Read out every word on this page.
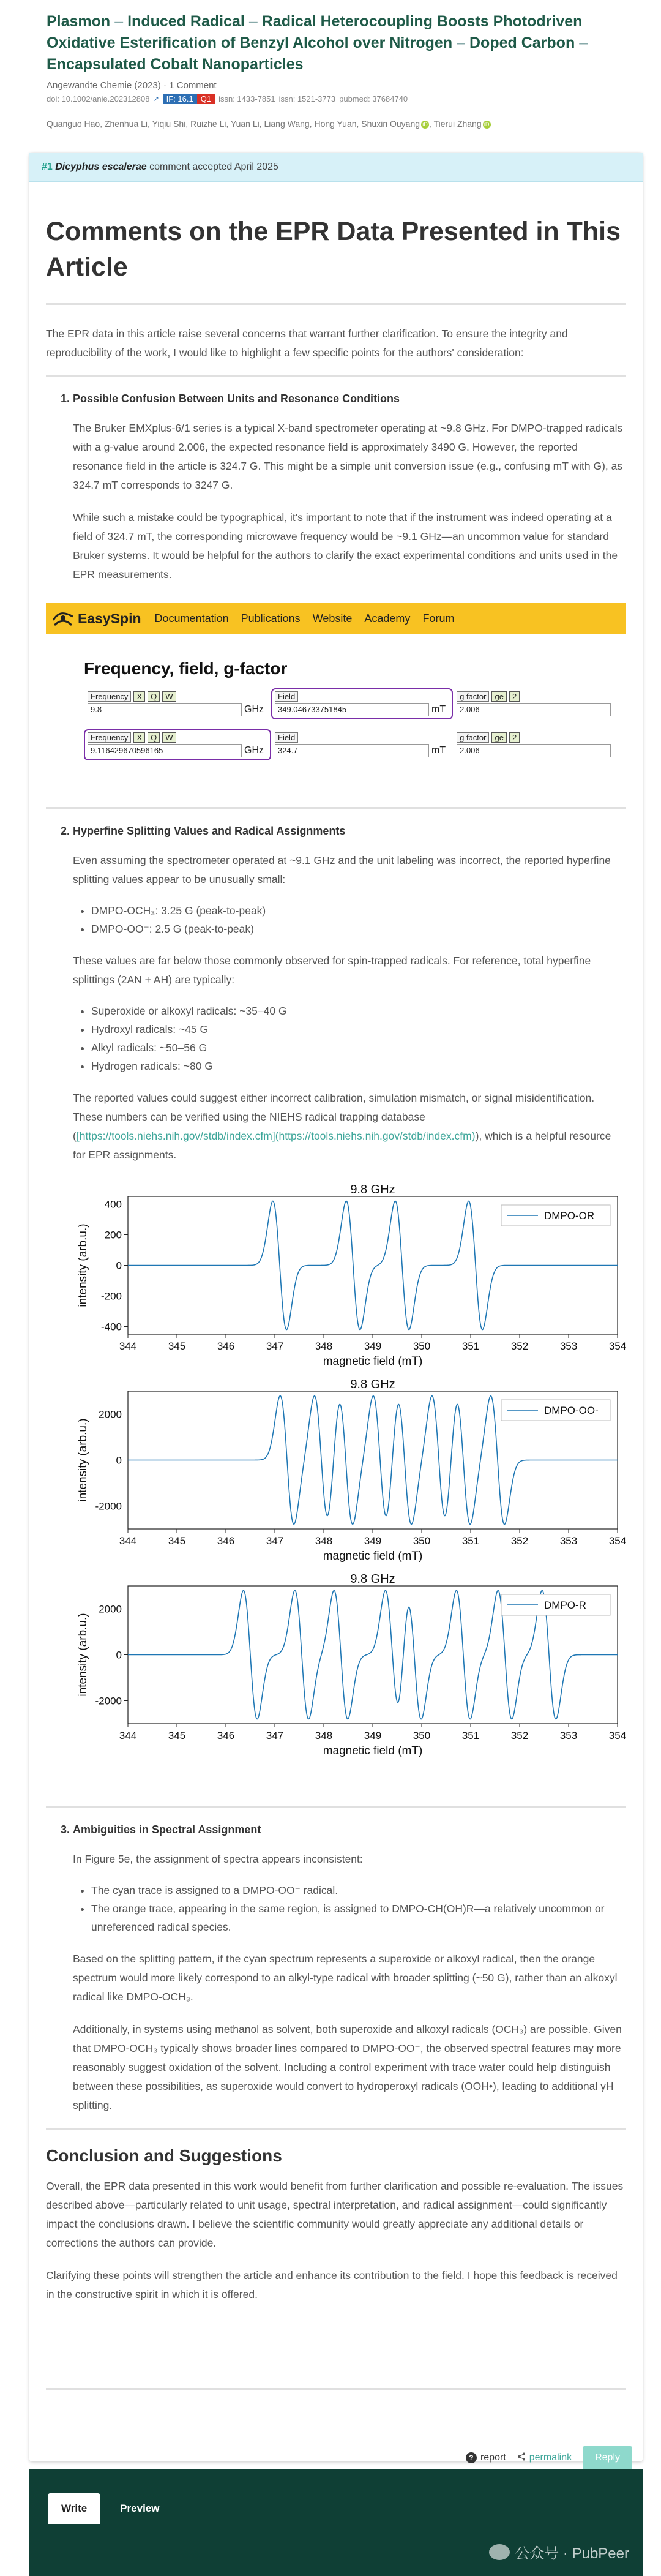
Plasmon – Induced Radical – Radical Heterocoupling Boosts Photodriven Oxidative Esterification of Benzyl Alcohol over Nitrogen – Doped Carbon –Encapsulated Cobalt Nanoparticles
Angewandte Chemie (2023) · 1 Comment
doi: 10.1002/anie.202312808 ↗ IF: 16.1 Q1 issn: 1433-7851 issn: 1521-3773 pubmed: 37684740
Quanguo Hao, Zhenhua Li, Yiqiu Shi, Ruizhe Li, Yuan Li, Liang Wang, Hong Yuan, Shuxin Ouyang iD , Tierui Zhang iD
#1 Dicyphus escalerae comment accepted April 2025
Comments on the EPR Data Presented in This Article

The EPR data in this article raise several concerns that warrant further clarification. To ensure the integrity and reproducibility of the work, I would like to highlight a few specific points for the authors' consideration:

1. Possible Confusion Between Units and Resonance Conditions

The Bruker EMXplus-6/1 series is a typical X-band spectrometer operating at ~9.8 GHz. For DMPO-trapped radicals with a g-value around 2.006, the expected resonance field is approximately 3490 G. However, the reported resonance field in the article is 324.7 G. This might be a simple unit conversion issue (e.g., confusing mT with G), as 324.7 mT corresponds to 3247 G.

While such a mistake could be typographical, it's important to note that if the instrument was indeed operating at a field of 324.7 mT, the corresponding microwave frequency would be ~9.1 GHz—an uncommon value for standard Bruker systems. It would be helpful for the authors to clarify the exact experimental conditions and units used in the EPR measurements.

EasySpin Documentation Publications Website Academy Forum
Frequency, field, g-factor
Frequency	X	Q	W
9.8	GHz
Field
349.046733751845	mT
g factor	ge	2
2.006
Frequency	X	Q	W
9.116429670596165	GHz
Field
324.7	mT
g factor	ge	2
2.006
2. Hyperfine Splitting Values and Radical Assignments

Even assuming the spectrometer operated at ~9.1 GHz and the unit labeling was incorrect, the reported hyperfine splitting values appear to be unusually small:

• DMPO-OCH₃: 3.25 G (peak-to-peak)
• DMPO-OO⁻: 2.5 G (peak-to-peak)

These values are far below those commonly observed for spin-trapped radicals. For reference, total hyperfine splittings (2AN + AH) are typically:

• Superoxide or alkoxyl radicals: ~35–40 G
• Hydroxyl radicals: ~45 G
• Alkyl radicals: ~50–56 G
• Hydrogen radicals: ~80 G

The reported values could suggest either incorrect calibration, simulation mismatch, or signal misidentification. These numbers can be verified using the NIEHS radical trapping database ([https://tools.niehs.nih.gov/stdb/index.cfm](https://tools.niehs.nih.gov/stdb/index.cfm)), which is a helpful resource for EPR assignments.

9.8 GHz
344	345	346	347	348	349	350	351	352	353	354
400
200
0
-200
-400
magnetic field (mT)
intensity (arb.u.)
DMPO-OR
9.8 GHz
344	345	346	347	348	349	350	351	352	353	354
2000
0
-2000
magnetic field (mT)
intensity (arb.u.)
DMPO-OO-
9.8 GHz
344	345	346	347	348	349	350	351	352	353	354
2000
0
-2000
magnetic field (mT)
intensity (arb.u.)
DMPO-R
3. Ambiguities in Spectral Assignment

In Figure 5e, the assignment of spectra appears inconsistent:

• The cyan trace is assigned to a DMPO-OO⁻ radical.
• The orange trace, appearing in the same region, is assigned to DMPO-CH(OH)R—a relatively uncommon or unreferenced radical species.

Based on the splitting pattern, if the cyan spectrum represents a superoxide or alkoxyl radical, then the orange spectrum would more likely correspond to an alkyl-type radical with broader splitting (~50 G), rather than an alkoxyl radical like DMPO-OCH₃.

Additionally, in systems using methanol as solvent, both superoxide and alkoxyl radicals (OCH₃) are possible. Given that DMPO-OCH₃ typically shows broader lines compared to DMPO-OO⁻, the observed spectral features may more reasonably suggest oxidation of the solvent. Including a control experiment with trace water could help distinguish between these possibilities, as superoxide would convert to hydroperoxyl radicals (OOH•), leading to additional γH splitting.

Conclusion and Suggestions

Overall, the EPR data presented in this work would benefit from further clarification and possible re-evaluation. The issues described above—particularly related to unit usage, spectral interpretation, and radical assignment—could significantly impact the conclusions drawn. I believe the scientific community would greatly appreciate any additional details or corrections the authors can provide.

Clarifying these points will strengthen the article and enhance its contribution to the field. I hope this feedback is received in the constructive spirit in which it is offered.

? report permalink	Reply
Write	Preview
公众号 · PubPeer
